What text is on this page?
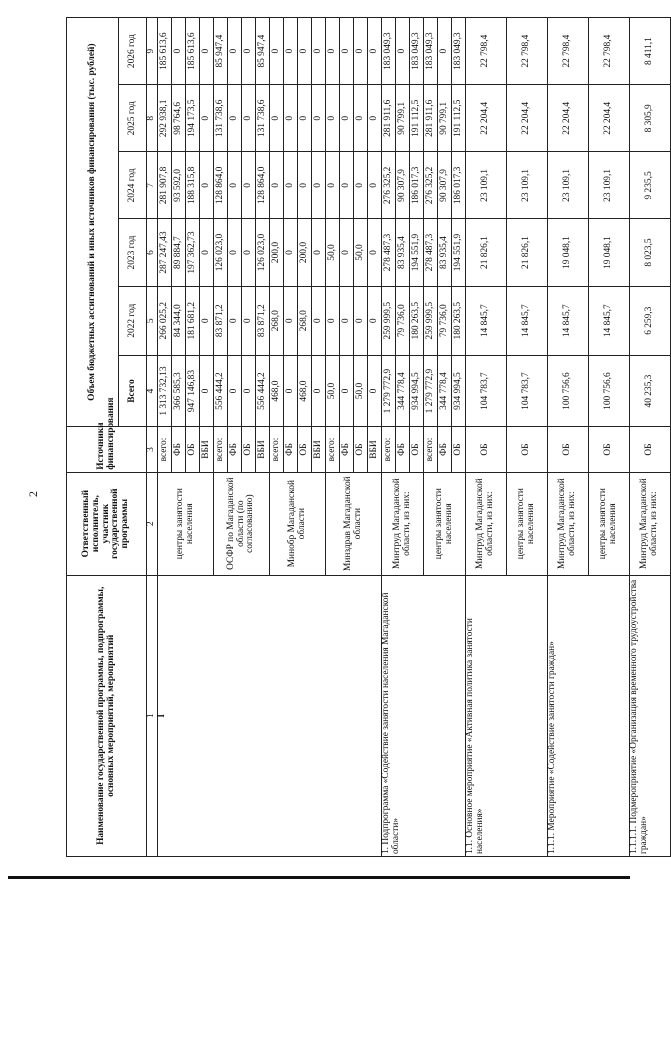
2
Наименование государственной программы, подпрограммы, основных мероприятий, мероприятий	Ответственный исполнитель, участник государственной программы	Источники финансирования	Объем бюджетных ассигнований и иных источников финансирования (тыс. рублей)					
			Всего	2022 год	2023 год	2024 год	2025 год	2026 год
1	2	3	4	5	6	7	8	9
I	центры занятости населения	всего:	1 313 732,13	266 025,2	287 247,43	281 907,8	292 938,1	185 613,6
		ФБ	366 585,3	84 344,0	89 884,7	93 592,0	98 764,6	0
		ОБ	947 146,83	181 681,2	197 362,73	188 315,8	194 173,5	185 613,6
		ВБИ	0	0	0	0	0	0
	ОСФР по Магаданской области (по согласованию)	всего:	556 444,2	83 871,2	126 023,0	128 864,0	131 738,6	85 947,4
		ФБ	0	0	0	0	0	0
		ОБ	0	0	0	0	0	0
		ВБИ	556 444,2	83 871,2	126 023,0	128 864,0	131 738,6	85 947,4
	Минобр Магаданской области	всего:	468,0	268,0	200,0	0	0	0
		ФБ	0	0	0	0	0	0
		ОБ	468,0	268,0	200,0	0	0	0
		ВБИ	0	0	0	0	0	0
	Минздрав Магаданской области	всего:	50,0	0	50,0	0	0	0
		ФБ	0	0	0	0	0	0
		ОБ	50,0	0	50,0	0	0	0
		ВБИ	0	0	0	0	0	0
1. Подпрограмма «Содействие занятости населения Магаданской области»	Минтруд Магаданской области, из них:	всего:	1 279 772,9	259 999,5	278 487,3	276 325,2	281 911,6	183 049,3
		ФБ	344 778,4	79 736,0	83 935,4	90 307,9	90 799,1	0
		ОБ	934 994,5	180 263,5	194 551,9	186 017,3	191 112,5	183 049,3
	центры занятости населения	всего:	1 279 772,9	259 999,5	278 487,3	276 325,2	281 911,6	183 049,3
		ФБ	344 778,4	79 736,0	83 935,4	90 307,9	90 799,1	0
		ОБ	934 994,5	180 263,5	194 551,9	186 017,3	191 112,5	183 049,3
1.1. Основное мероприятие «Активная политика занятости населения»	Минтруд Магаданской области, из них:	ОБ	104 783,7	14 845,7	21 826,1	23 109,1	22 204,4	22 798,4
	центры занятости населения	ОБ	104 783,7	14 845,7	21 826,1	23 109,1	22 204,4	22 798,4
1.1.1. Мероприятие «Содействие занятости граждан»	Минтруд Магаданской области, из них:	ОБ	100 756,6	14 845,7	19 048,1	23 109,1	22 204,4	22 798,4
	центры занятости населения	ОБ	100 756,6	14 845,7	19 048,1	23 109,1	22 204,4	22 798,4
1.1.1.1. Подмероприятие «Организация временного трудоустройства граждан»	Минтруд Магаданской области, из них:	ОБ	40 235,3	6 259,3	8 023,5	9 235,5	8 305,9	8 411,1
